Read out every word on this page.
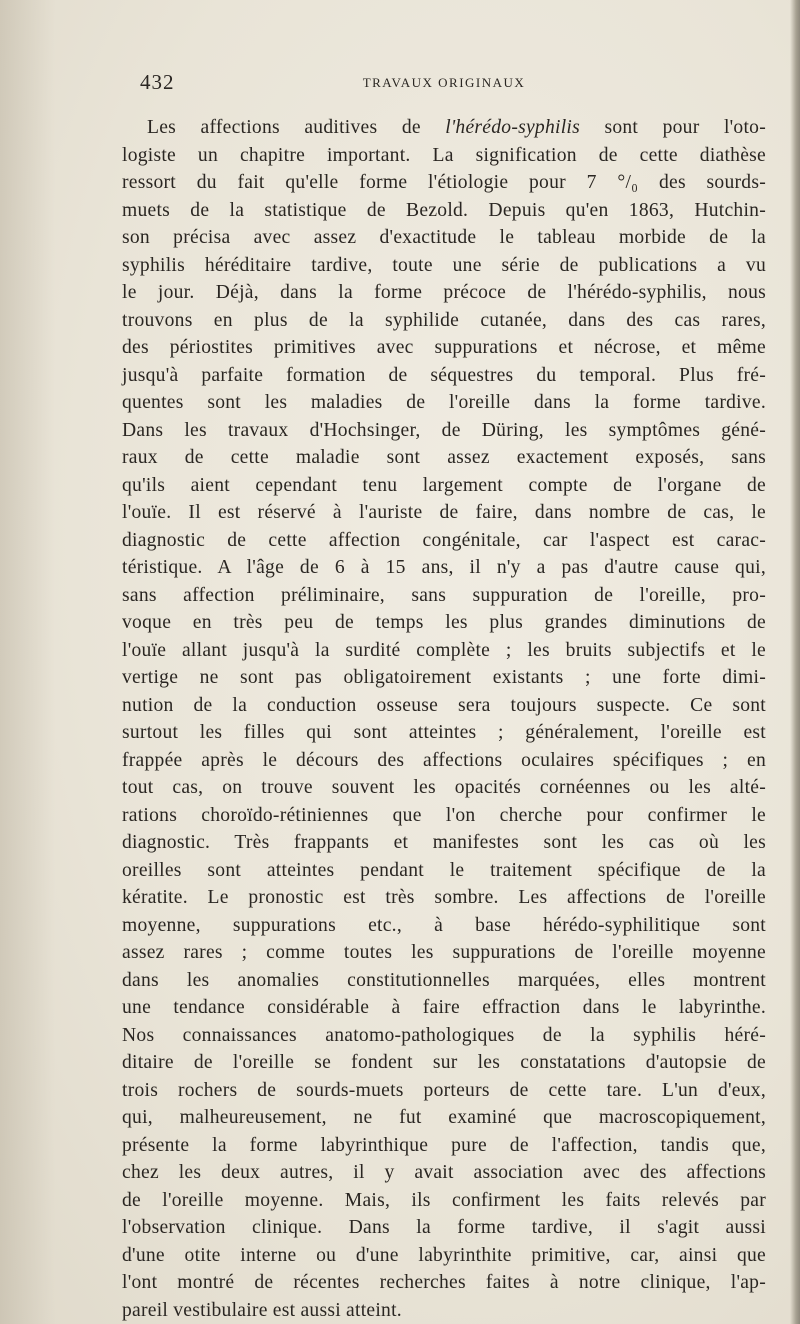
432	TRAVAUX ORIGINAUX
Les affections auditives de l'hérédo-syphilis sont pour l'oto-
logiste un chapitre important. La signification de cette diathèse
ressort du fait qu'elle forme l'étiologie pour 7 °/₀ des sourds-
muets de la statistique de Bezold. Depuis qu'en 1863, Hutchin-
son précisa avec assez d'exactitude le tableau morbide de la
syphilis héréditaire tardive, toute une série de publications a vu
le jour. Déjà, dans la forme précoce de l'hérédo-syphilis, nous
trouvons en plus de la syphilide cutanée, dans des cas rares,
des périostites primitives avec suppurations et nécrose, et même
jusqu'à parfaite formation de séquestres du temporal. Plus fré-
quentes sont les maladies de l'oreille dans la forme tardive.
Dans les travaux d'Hochsinger, de Düring, les symptômes géné-
raux de cette maladie sont assez exactement exposés, sans
qu'ils aient cependant tenu largement compte de l'organe de
l'ouïe. Il est réservé à l'auriste de faire, dans nombre de cas, le
diagnostic de cette affection congénitale, car l'aspect est carac-
téristique. A l'âge de 6 à 15 ans, il n'y a pas d'autre cause qui,
sans affection préliminaire, sans suppuration de l'oreille, pro-
voque en très peu de temps les plus grandes diminutions de
l'ouïe allant jusqu'à la surdité complète ; les bruits subjectifs et le
vertige ne sont pas obligatoirement existants ; une forte dimi-
nution de la conduction osseuse sera toujours suspecte. Ce sont
surtout les filles qui sont atteintes ; généralement, l'oreille est
frappée après le décours des affections oculaires spécifiques ; en
tout cas, on trouve souvent les opacités cornéennes ou les alté-
rations choroïdo-rétiniennes que l'on cherche pour confirmer le
diagnostic. Très frappants et manifestes sont les cas où les
oreilles sont atteintes pendant le traitement spécifique de la
kératite. Le pronostic est très sombre. Les affections de l'oreille
moyenne, suppurations etc., à base hérédo-syphilitique sont
assez rares ; comme toutes les suppurations de l'oreille moyenne
dans les anomalies constitutionnelles marquées, elles montrent
une tendance considérable à faire effraction dans le labyrinthe.
Nos connaissances anatomo-pathologiques de la syphilis héré-
ditaire de l'oreille se fondent sur les constatations d'autopsie de
trois rochers de sourds-muets porteurs de cette tare. L'un d'eux,
qui, malheureusement, ne fut examiné que macroscopiquement,
présente la forme labyrinthique pure de l'affection, tandis que,
chez les deux autres, il y avait association avec des affections
de l'oreille moyenne. Mais, ils confirment les faits relevés par
l'observation clinique. Dans la forme tardive, il s'agit aussi
d'une otite interne ou d'une labyrinthite primitive, car, ainsi que
l'ont montré de récentes recherches faites à notre clinique, l'ap-
pareil vestibulaire est aussi atteint.
